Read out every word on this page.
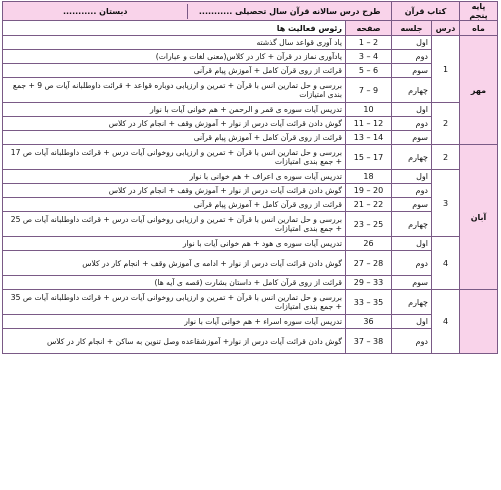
پایه پنجم	کتاب قرآن		طرح درس سالانه قرآن سال تحصیلی ...........
دبستان ...........	

ماه	درس	جلسه	صفحه	رئوس فعالیت ها
مهر	1	اول	1 – 2	یاد آوری قواعد سال گذشته
		دوم	3 – 4	یادآوری نماز در قرآن + کار در کلاس(معنی لغات و عبارات)
		سوم	5 – 6	قرائت از روی قرآن کامل + آموزش پیام قرآنی
		چهارم	7 – 9	بررسی و حل تمارین انس با قرآن + تمرین و ارزیابی دوباره قواعد + قرائت داوطلبانه آیات ص 9 + جمع بندی امتیازات
	2	اول	10	تدریس آیات سوره ی قمر و الرحمن + هم خوانی آیات با نوار
		دوم	11 – 12	گوش دادن قرائت آیات درس از نوار + آموزش وقف + انجام کار در کلاس
		سوم	13 – 14	قرائت از روی قرآن کامل + آموزش پیام قرآنی
آبان	2	چهارم	15 – 17	بررسی و حل تمارین انس با قرآن + تمرین و ارزیابی روخوانی آیات درس + قرائت داوطلبانه آیات ص 17 + جمع بندی امتیازات
	3	اول	18	تدریس آیات سوره ی اعراف + هم خوانی با نوار
		دوم	19 – 20	گوش دادن قرائت آیات درس از نوار + آموزش وقف + انجام کار در کلاس
		سوم	21 – 22	قرائت از روی قرآن کامل + آموزش پیام قرآنی
		چهارم	23 – 25	بررسی و حل تمارین انس با قرآن + تمرین و ارزیابی روخوانی آیات درس + قرائت داوطلبانه آیات ص 25 + جمع بندی امتیازات
	4	اول	26	تدریس آیات سوره ی هود + هم خوانی آیات با نوار
		دوم	27 – 28	گوش دادن قرائت آیات درس از نوار + ادامه ی آموزش وقف + انجام کار در کلاس
		سوم	29 – 33	قرائت از روی قرآن کامل + داستان بشارت (قصه ی آیه ها)
	4	چهارم	33 – 35	بررسی و حل تمارین انس با قرآن + تمرین و ارزیابی روخوانی آیات درس + قرائت داوطلبانه آیات ص 35 + جمع بندی امتیازات
		اول	36	تدریس آیات سوره اسراء + هم خوانی آیات با نوار
		دوم	37 – 38	گوش دادن قرائت آیات درس از نوار+ آموزشقاعده وصل تنوین به ساکن + انجام کار در کلاس
